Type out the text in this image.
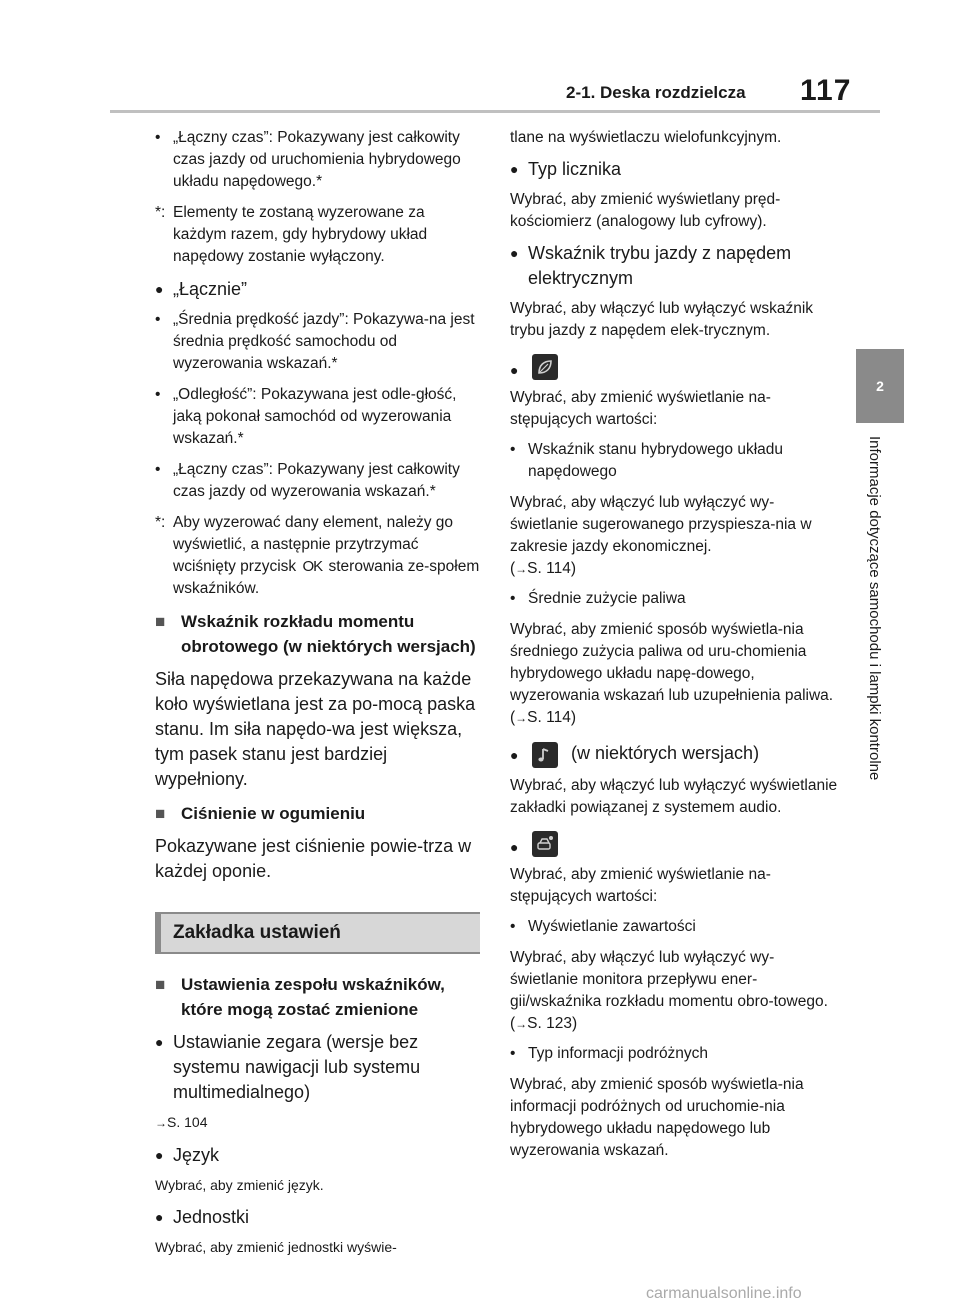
2-1. Deska rozdzielcza 117
2
Informacje dotyczące samochodu i lampki kontrolne
• „Łączny czas”: Pokazywany jest całkowity czas jazdy od uruchomienia hybrydowego układu napędowego.*
*: Elementy te zostaną wyzerowane za każdym razem, gdy hybrydowy układ napędowy zostanie wyłączony.
● „Łącznie”
• „Średnia prędkość jazdy”: Pokazywa-na jest średnia prędkość samochodu od wyzerowania wskazań.*
• „Odległość”: Pokazywana jest odle-głość, jaką pokonał samochód od wyzerowania wskazań.*
• „Łączny czas”: Pokazywany jest całkowity czas jazdy od wyzerowania wskazań.*
*: Aby wyzerować dany element, należy go wyświetlić, a następnie przytrzymać wciśnięty przycisk OK sterowania ze-społem wskaźników.
■ Wskaźnik rozkładu momentu obrotowego (w niektórych wersjach)
Siła napędowa przekazywana na każde koło wyświetlana jest za po-mocą paska stanu. Im siła napędo-wa jest większa, tym pasek stanu jest bardziej wypełniony.
■ Ciśnienie w ogumieniu
Pokazywane jest ciśnienie powie-trza w każdej oponie.
Zakładka ustawień
■ Ustawienia zespołu wskaźników, które mogą zostać zmienione
● Ustawianie zegara (wersje bez systemu nawigacji lub systemu multimedialnego)
→S. 104
● Język
Wybrać, aby zmienić język.
● Jednostki
Wybrać, aby zmienić jednostki wyświe-
tlane na wyświetlaczu wielofunkcyjnym.
● Typ licznika
Wybrać, aby zmienić wyświetlany pręd-kościomierz (analogowy lub cyfrowy).
● Wskaźnik trybu jazdy z napędem elektrycznym
Wybrać, aby włączyć lub wyłączyć wskaźnik trybu jazdy z napędem elek-trycznym.
●
Wybrać, aby zmienić wyświetlanie na-stępujących wartości:
• Wskaźnik stanu hybrydowego układu napędowego
Wybrać, aby włączyć lub wyłączyć wy-świetlanie sugerowanego przyspiesza-nia w zakresie jazdy ekonomicznej.
(→S. 114)
• Średnie zużycie paliwa
Wybrać, aby zmienić sposób wyświetla-nia średniego zużycia paliwa od uru-chomienia hybrydowego układu napę-dowego, wyzerowania wskazań lub uzupełnienia paliwa. (→S. 114)
●	(w niektórych wersjach)
Wybrać, aby włączyć lub wyłączyć wyświetlanie zakładki powiązanej z systemem audio.
●
Wybrać, aby zmienić wyświetlanie na-stępujących wartości:
• Wyświetlanie zawartości
Wybrać, aby włączyć lub wyłączyć wy-świetlanie monitora przepływu ener-gii/wskaźnika rozkładu momentu obro-towego. (→S. 123)
• Typ informacji podróżnych
Wybrać, aby zmienić sposób wyświetla-nia informacji podróżnych od uruchomie-nia hybrydowego układu napędowego lub wyzerowania wskazań.
carmanualsonline.info
